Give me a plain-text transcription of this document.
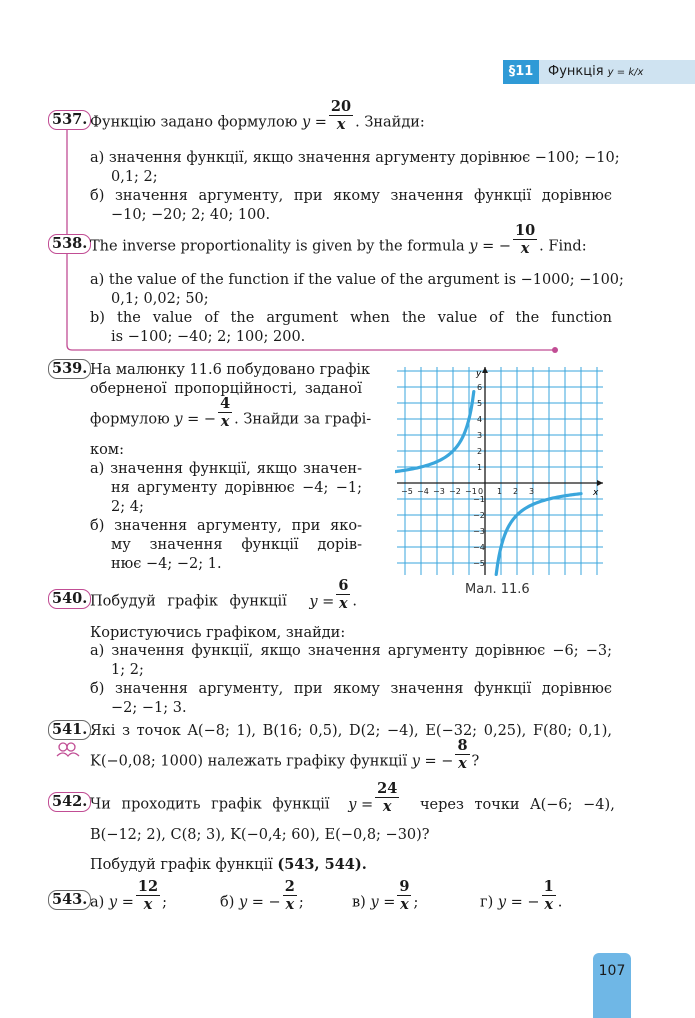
§11	Функція y = k/x
537. Функцію задано формулою $y = \frac{20}{x}$ . Знайди:
а) значення функції, якщо значення аргументу дорівнює −100; −10;
0,1; 2;
б) значення аргументу, при якому значення функції дорівнює
−10; −20; 2; 40; 100.
538. The inverse proportionality is given by the formula y = − $\frac{10}{x}$ . Find:
a) the value of the function if the value of the argument is −1000; −100;
0,1; 0,02; 50;
b) the value of the argument when the value of the function
is −100; −40; 2; 100; 200.
539. На малюнку 11.6 побудовано графік
оберненої пропорційності, заданої
формулою y = − $\frac{4}{x}$ . Знайди за графі-
ком:
а) значення функції, якщо значен-
ня аргументу дорівнює −4; −1;
2; 4;
б) значення аргументу, при яко-
му значення функції дорів-
нює −4; −2; 1.
x
y
−5 −4 −3 −2 −1 0 1 2 3
6
5
4
3
2
1
−1
−2
−3
−4
−5
Мал. 11.6
540. Побудуй графік функції $y = \frac{6}{x}$ .
Користуючись графіком, знайди:
а) значення функції, якщо значення аргументу дорівнює −6; −3;
1; 2;
б) значення аргументу, при якому значення функції дорівнює
−2; −1; 3.
541. Які з точок A(−8; 1), B(16; 0,5), D(2; −4), E(−32; 0,25), F(80; 0,1),
K(−0,08; 1000) належать графіку функції y = − $\frac{8}{x}$ ?
542. Чи проходить графік функції $y = \frac{24}{x}$ через точки A(−6; −4),
B(−12; 2), C(8; 3), K(−0,4; 60), E(−0,8; −30)?
Побудуй графік функції (543, 544).
543. а) $y = \frac{12}{x}$ ;	б) y = − $\frac{2}{x}$ ;	в) $y = \frac{9}{x}$ ;	г) y = − $\frac{1}{x}$ .
107
